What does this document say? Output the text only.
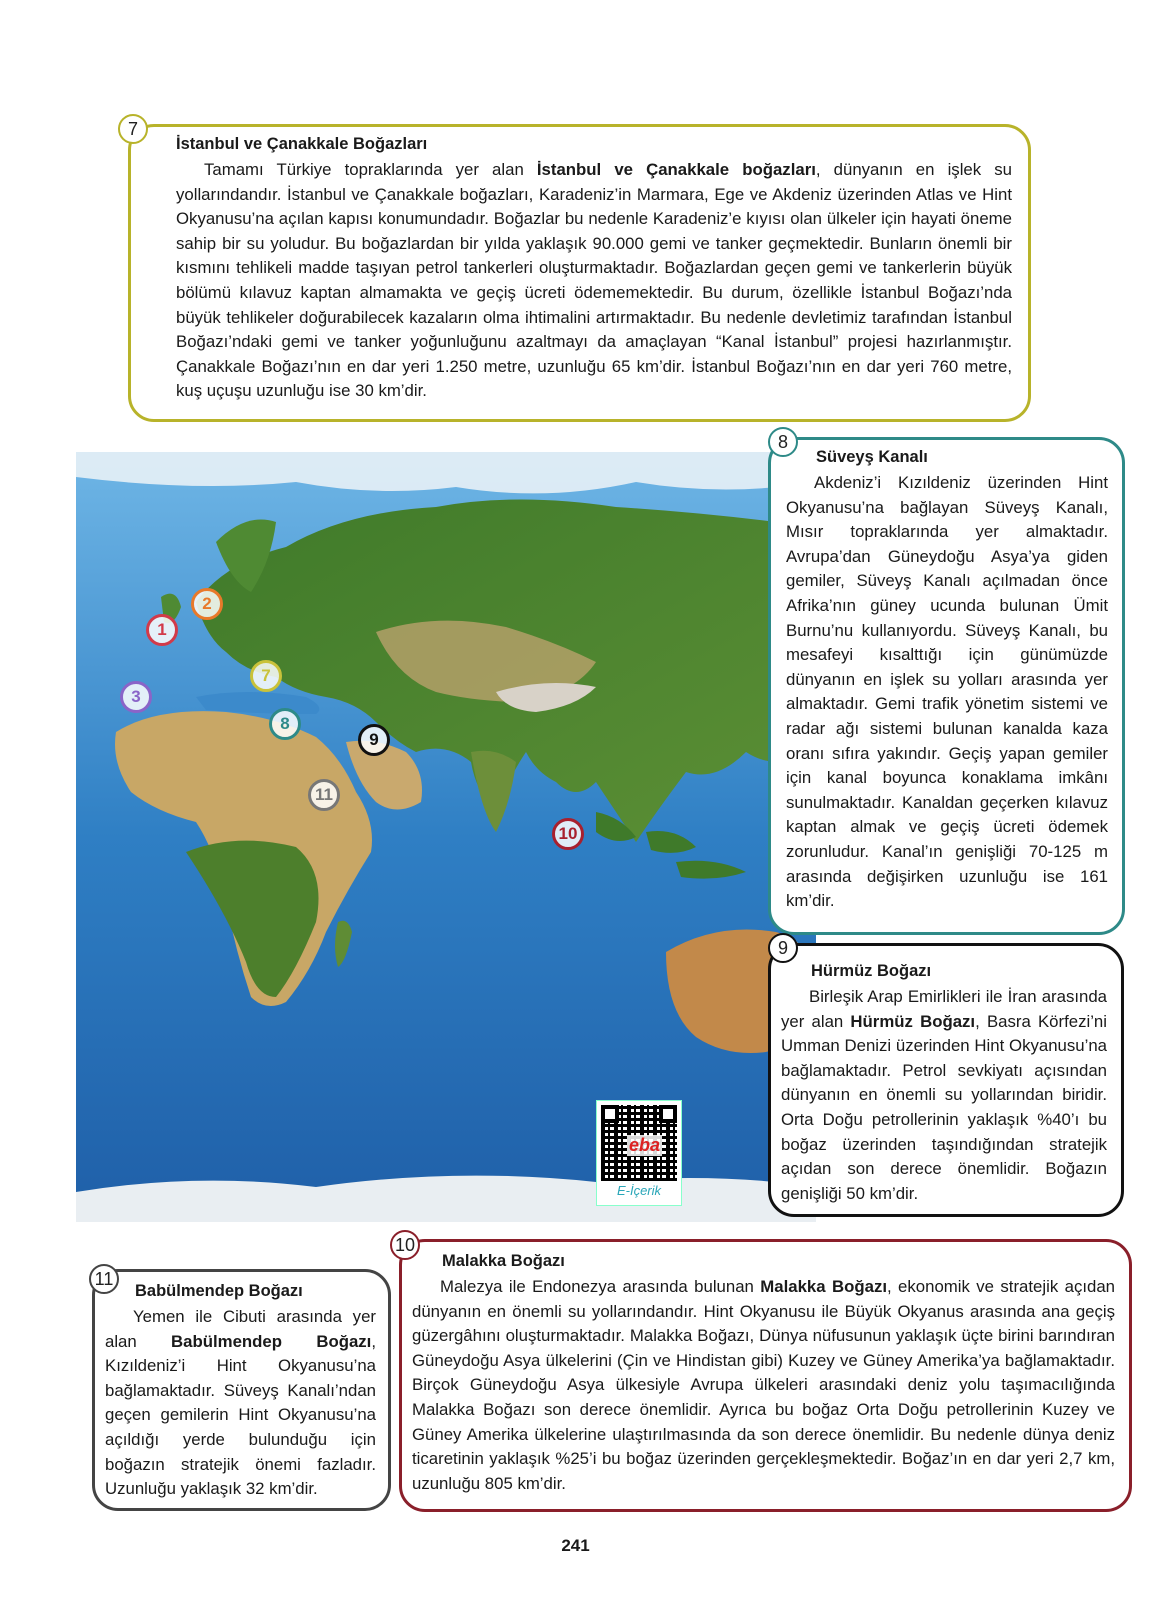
7

İstanbul ve Çanakkale Boğazları

Tamamı Türkiye topraklarında yer alan İstanbul ve Çanakkale boğazları, dünyanın en işlek su yollarındandır. İstanbul ve Çanakkale boğazları, Karadeniz’in Marmara, Ege ve Akdeniz üzerinden Atlas ve Hint Okyanusu’na açılan kapısı konumundadır. Boğazlar bu nedenle Karadeniz’e kıyısı olan ülkeler için hayati öneme sahip bir su yoludur. Bu boğazlardan bir yılda yaklaşık 90.000 gemi ve tanker geçmektedir. Bunların önemli bir kısmını tehlikeli madde taşıyan petrol tankerleri oluşturmaktadır. Boğazlardan geçen gemi ve tankerlerin büyük bölümü kılavuz kaptan almamakta ve geçiş ücreti ödememektedir. Bu durum, özellikle İstanbul Boğazı’nda büyük tehlikeler doğurabilecek kazaların olma ihtimalini artırmaktadır. Bu nedenle devletimiz tarafından İstanbul Boğazı’ndaki gemi ve tanker yoğunluğunu azaltmayı da amaçlayan “Kanal İstanbul” projesi hazırlanmıştır. Çanakkale Boğazı’nın en dar yeri 1.250 metre, uzunluğu 65 km’dir. İstanbul Boğazı’nın en dar yeri 760 metre, kuş uçuşu uzunluğu ise 30 km’dir.

1
2
3
7
8
9
11
10
eba
E-İçerik
8

Süveyş Kanalı

Akdeniz’i Kızıldeniz üzerinden Hint Okyanusu’na bağlayan Süveyş Kanalı, Mısır topraklarında yer almaktadır. Avrupa’dan Güneydoğu Asya’ya giden gemiler, Süveyş Kanalı açılmadan önce Afrika’nın güney ucunda bulunan Ümit Burnu’nu kullanıyordu. Süveyş Kanalı, bu mesafeyi kısalttığı için günümüzde dünyanın en işlek su yolları arasında yer almaktadır. Gemi trafik yönetim sistemi ve radar ağı sistemi bulunan kanalda kaza oranı sıfıra yakındır. Geçiş yapan gemiler için kanal boyunca konaklama imkânı sunulmaktadır. Kanaldan geçerken kılavuz kaptan almak ve geçiş ücreti ödemek zorunludur. Kanal’ın genişliği 70-125 m arasında değişirken uzunluğu ise 161 km’dir.

9

Hürmüz Boğazı

Birleşik Arap Emirlikleri ile İran arasında yer alan Hürmüz Boğazı, Basra Körfezi’ni Umman Denizi üzerinden Hint Okyanusu’na bağlamaktadır. Petrol sevkiyatı açısından dünyanın en önemli su yollarından biridir. Orta Doğu petrollerinin yaklaşık %40’ı bu boğaz üzerinden taşındığından stratejik açıdan son derece önemlidir. Boğazın genişliği 50 km’dir.

11

Babülmendep Boğazı

Yemen ile Cibuti arasında yer alan Babülmendep Boğazı, Kızıldeniz’i Hint Okyanusu’na bağlamaktadır. Süveyş Kanalı’ndan geçen gemilerin Hint Okyanusu’na açıldığı yerde bulunduğu için boğazın stratejik önemi fazladır. Uzunluğu yaklaşık 32 km’dir.

10

Malakka Boğazı

Malezya ile Endonezya arasında bulunan Malakka Boğazı, ekonomik ve stratejik açıdan dünyanın en önemli su yollarındandır. Hint Okyanusu ile Büyük Okyanus arasında ana geçiş güzergâhını oluşturmaktadır. Malakka Boğazı, Dünya nüfusunun yaklaşık üçte birini barındıran Güneydoğu Asya ülkelerini (Çin ve Hindistan gibi) Kuzey ve Güney Amerika’ya bağlamaktadır. Birçok Güneydoğu Asya ülkesiyle Avrupa ülkeleri arasındaki deniz yolu taşımacılığında Malakka Boğazı son derece önemlidir. Ayrıca bu boğaz Orta Doğu petrollerinin Kuzey ve Güney Amerika ülkelerine ulaştırılmasında da son derece önemlidir. Bu nedenle dünya deniz ticaretinin yaklaşık %25’i bu boğaz üzerinden gerçekleşmektedir. Boğaz’ın en dar yeri 2,7 km, uzunluğu 805 km’dir.

241
